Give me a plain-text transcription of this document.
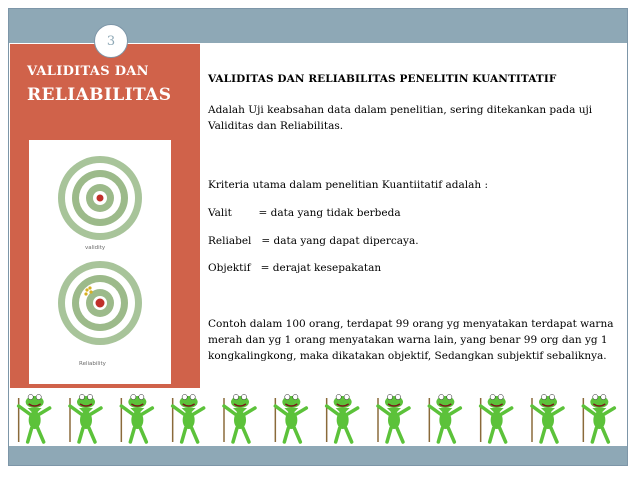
3
VALIDITAS DAN
RELIABILITAS
validity
Reliability
VALIDITAS DAN RELIABILITAS PENELITIN KUANTITATIF
Adalah Uji keabsahan data dalam penelitian, sering ditekankan pada uji Validitas dan Reliabilitas.
Kriteria utama dalam penelitian Kuantiitatif adalah :
Valit        = data yang tidak berbeda
Reliabel   = data yang dapat dipercaya.
Objektif   = derajat kesepakatan
Contoh dalam 100 orang, terdapat 99 orang yg menyatakan terdapat warna merah dan yg 1 orang menyatakan warna lain, yang benar 99 org dan yg 1 kongkalingkong, maka dikatakan objektif, Sedangkan subjektif sebaliknya.
